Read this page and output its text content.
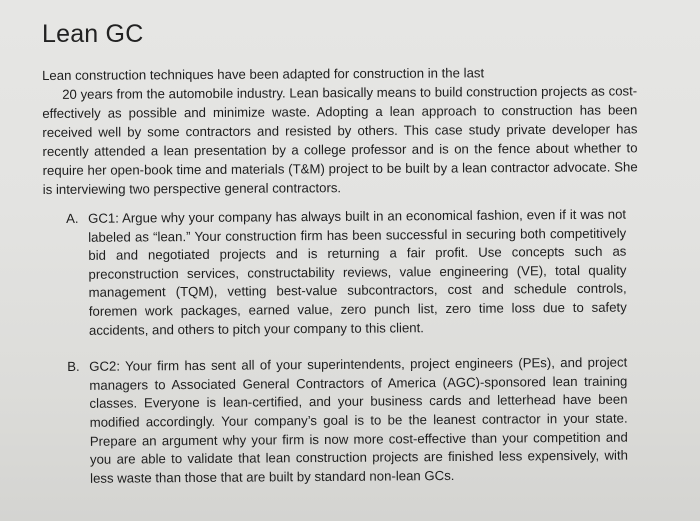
Lean GC
Lean construction techniques have been adapted for construction in the last
20 years from the automobile industry. Lean basically means to build construction projects as cost-effectively as possible and minimize waste. Adopting a lean approach to construction has been received well by some contractors and resisted by others. This case study private developer has recently attended a lean presentation by a college professor and is on the fence about whether to require her open-book time and materials (T&M) project to be built by a lean contractor advocate. She is interviewing two perspective general contractors.
A. GC1: Argue why your company has always built in an economical fashion, even if it was not labeled as “lean.” Your construction firm has been successful in securing both competitively bid and negotiated projects and is returning a fair profit. Use concepts such as preconstruction services, constructability reviews, value engineering (VE), total quality management (TQM), vetting best-value subcontractors, cost and schedule controls, foremen work packages, earned value, zero punch list, zero time loss due to safety accidents, and others to pitch your company to this client.
B. GC2: Your firm has sent all of your superintendents, project engineers (PEs), and project managers to Associated General Contractors of America (AGC)-sponsored lean training classes. Everyone is lean-certified, and your business cards and letterhead have been modified accordingly. Your company’s goal is to be the leanest contractor in your state. Prepare an argument why your firm is now more cost-effective than your competition and you are able to validate that lean construction projects are finished less expensively, with less waste than those that are built by standard non-lean GCs.
